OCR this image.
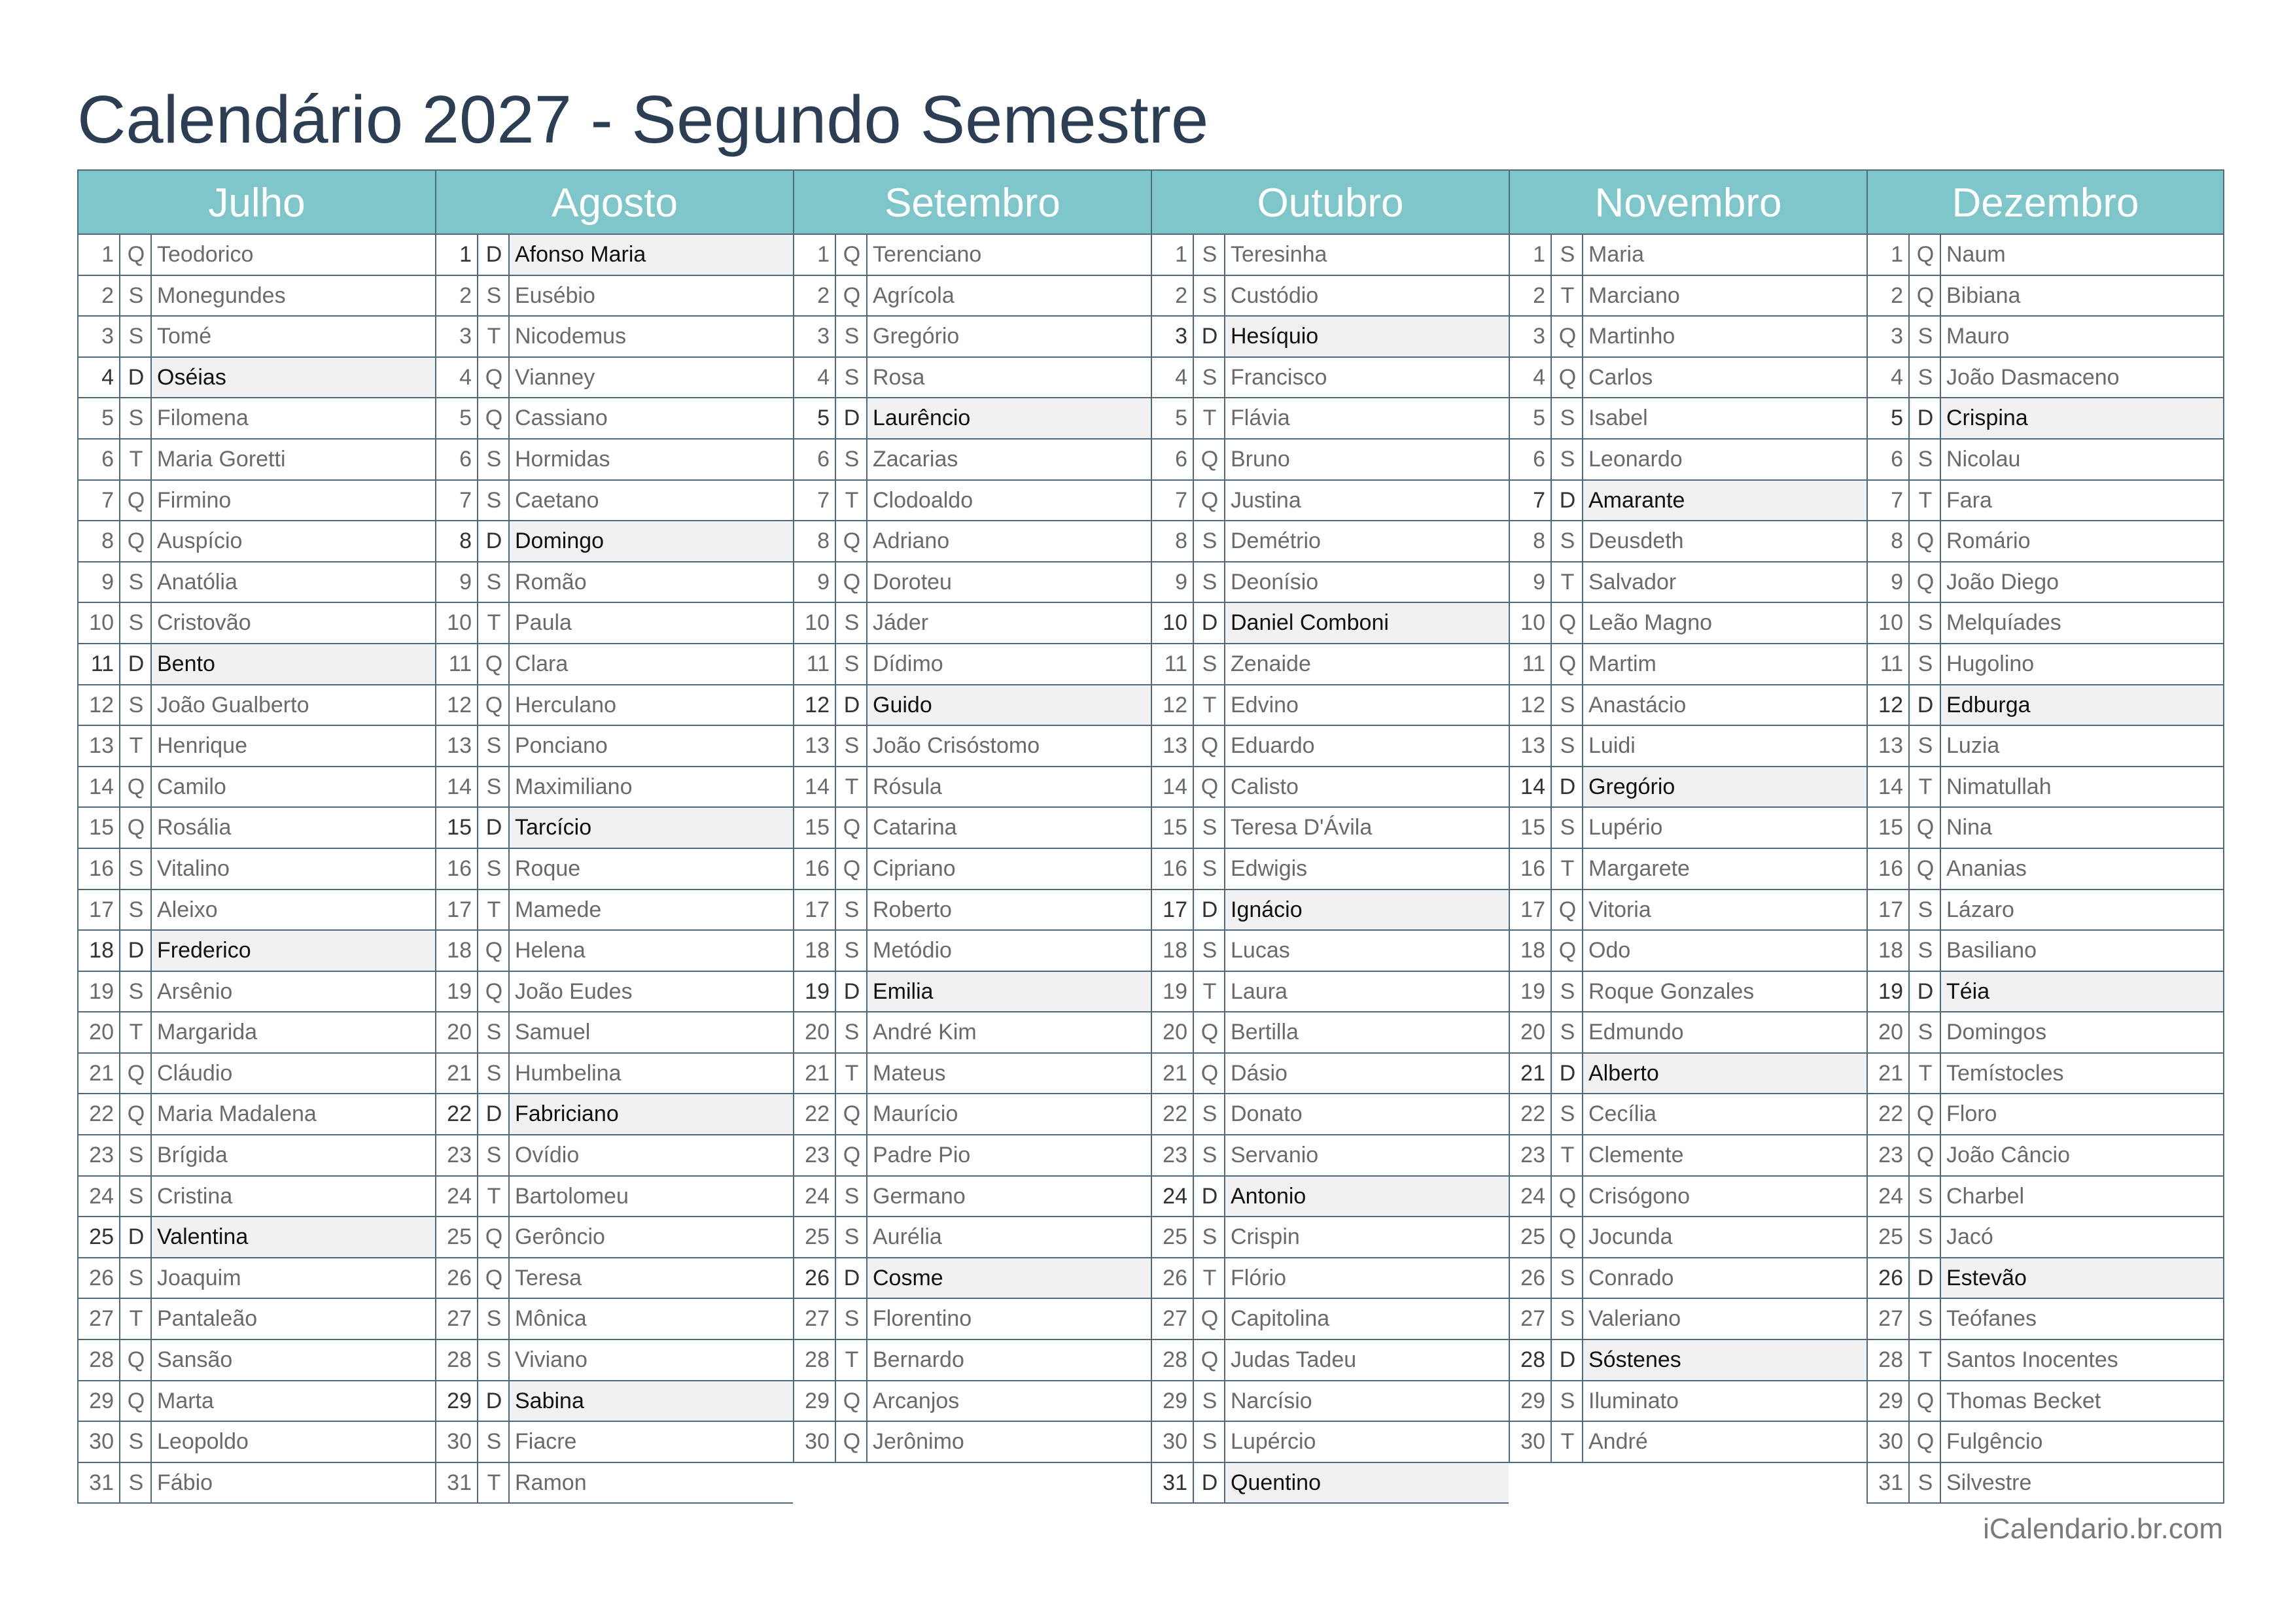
Calendário 2027 - Segundo Semestre
Julho
1 Q Teodorico
2 S Monegundes
3 S Tomé
4 D Oséias
5 S Filomena
6 T Maria Goretti
7 Q Firmino
8 Q Auspício
9 S Anatólia
10 S Cristovão
11 D Bento
12 S João Gualberto
13 T Henrique
14 Q Camilo
15 Q Rosália
16 S Vitalino
17 S Aleixo
18 D Frederico
19 S Arsênio
20 T Margarida
21 Q Cláudio
22 Q Maria Madalena
23 S Brígida
24 S Cristina
25 D Valentina
26 S Joaquim
27 T Pantaleão
28 Q Sansão
29 Q Marta
30 S Leopoldo
31 S Fábio
Agosto
1 D Afonso Maria
2 S Eusébio
3 T Nicodemus
4 Q Vianney
5 Q Cassiano
6 S Hormidas
7 S Caetano
8 D Domingo
9 S Romão
10 T Paula
11 Q Clara
12 Q Herculano
13 S Ponciano
14 S Maximiliano
15 D Tarcício
16 S Roque
17 T Mamede
18 Q Helena
19 Q João Eudes
20 S Samuel
21 S Humbelina
22 D Fabriciano
23 S Ovídio
24 T Bartolomeu
25 Q Gerôncio
26 Q Teresa
27 S Mônica
28 S Viviano
29 D Sabina
30 S Fiacre
31 T Ramon
Setembro
1 Q Terenciano
2 Q Agrícola
3 S Gregório
4 S Rosa
5 D Laurêncio
6 S Zacarias
7 T Clodoaldo
8 Q Adriano
9 Q Doroteu
10 S Jáder
11 S Dídimo
12 D Guido
13 S João Crisóstomo
14 T Rósula
15 Q Catarina
16 Q Cipriano
17 S Roberto
18 S Metódio
19 D Emilia
20 S André Kim
21 T Mateus
22 Q Maurício
23 Q Padre Pio
24 S Germano
25 S Aurélia
26 D Cosme
27 S Florentino
28 T Bernardo
29 Q Arcanjos
30 Q Jerônimo
Outubro
1 S Teresinha
2 S Custódio
3 D Hesíquio
4 S Francisco
5 T Flávia
6 Q Bruno
7 Q Justina
8 S Demétrio
9 S Deonísio
10 D Daniel Comboni
11 S Zenaide
12 T Edvino
13 Q Eduardo
14 Q Calisto
15 S Teresa D'Ávila
16 S Edwigis
17 D Ignácio
18 S Lucas
19 T Laura
20 Q Bertilla
21 Q Dásio
22 S Donato
23 S Servanio
24 D Antonio
25 S Crispin
26 T Flório
27 Q Capitolina
28 Q Judas Tadeu
29 S Narcísio
30 S Lupércio
31 D Quentino
Novembro
1 S Maria
2 T Marciano
3 Q Martinho
4 Q Carlos
5 S Isabel
6 S Leonardo
7 D Amarante
8 S Deusdeth
9 T Salvador
10 Q Leão Magno
11 Q Martim
12 S Anastácio
13 S Luidi
14 D Gregório
15 S Lupério
16 T Margarete
17 Q Vitoria
18 Q Odo
19 S Roque Gonzales
20 S Edmundo
21 D Alberto
22 S Cecília
23 T Clemente
24 Q Crisógono
25 Q Jocunda
26 S Conrado
27 S Valeriano
28 D Sóstenes
29 S Iluminato
30 T André
Dezembro
1 Q Naum
2 Q Bibiana
3 S Mauro
4 S João Dasmaceno
5 D Crispina
6 S Nicolau
7 T Fara
8 Q Romário
9 Q João Diego
10 S Melquíades
11 S Hugolino
12 D Edburga
13 S Luzia
14 T Nimatullah
15 Q Nina
16 Q Ananias
17 S Lázaro
18 S Basiliano
19 D Téia
20 S Domingos
21 T Temístocles
22 Q Floro
23 Q João Câncio
24 S Charbel
25 S Jacó
26 D Estevão
27 S Teófanes
28 T Santos Inocentes
29 Q Thomas Becket
30 Q Fulgêncio
31 S Silvestre
iCalendario.br.com
